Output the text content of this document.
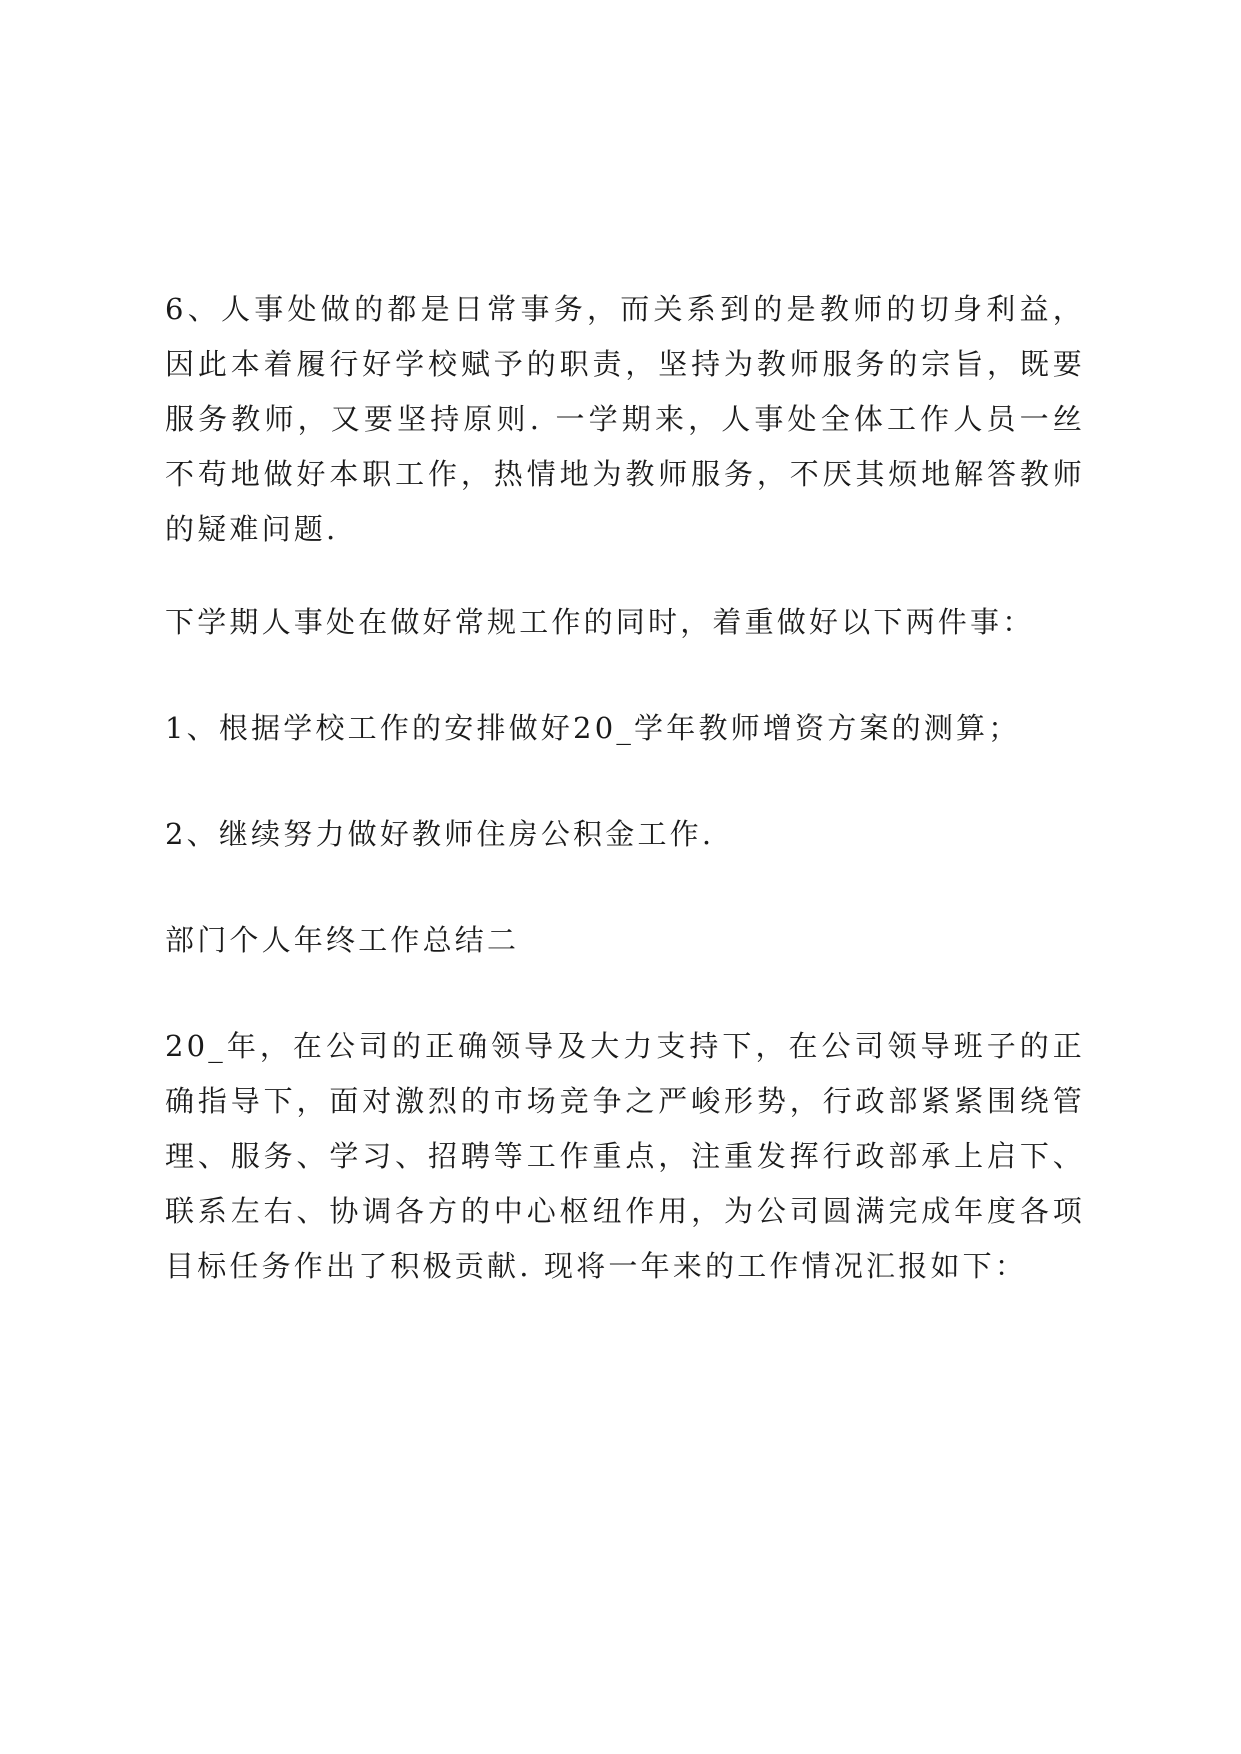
6、人事处做的都是日常事务，而关系到的是教师的切身利益，因此本着履行好学校赋予的职责，坚持为教师服务的宗旨，既要服务教师，又要坚持原则. 一学期来，人事处全体工作人员一丝不苟地做好本职工作，热情地为教师服务，不厌其烦地解答教师的疑难问题.

下学期人事处在做好常规工作的同时，着重做好以下两件事：

1、根据学校工作的安排做好20_学年教师增资方案的测算；

2、继续努力做好教师住房公积金工作.

部门个人年终工作总结二

20_年，在公司的正确领导及大力支持下，在公司领导班子的正确指导下，面对激烈的市场竞争之严峻形势，行政部紧紧围绕管理、服务、学习、招聘等工作重点，注重发挥行政部承上启下、联系左右、协调各方的中心枢纽作用，为公司圆满完成年度各项目标任务作出了积极贡献. 现将一年来的工作情况汇报如下：
